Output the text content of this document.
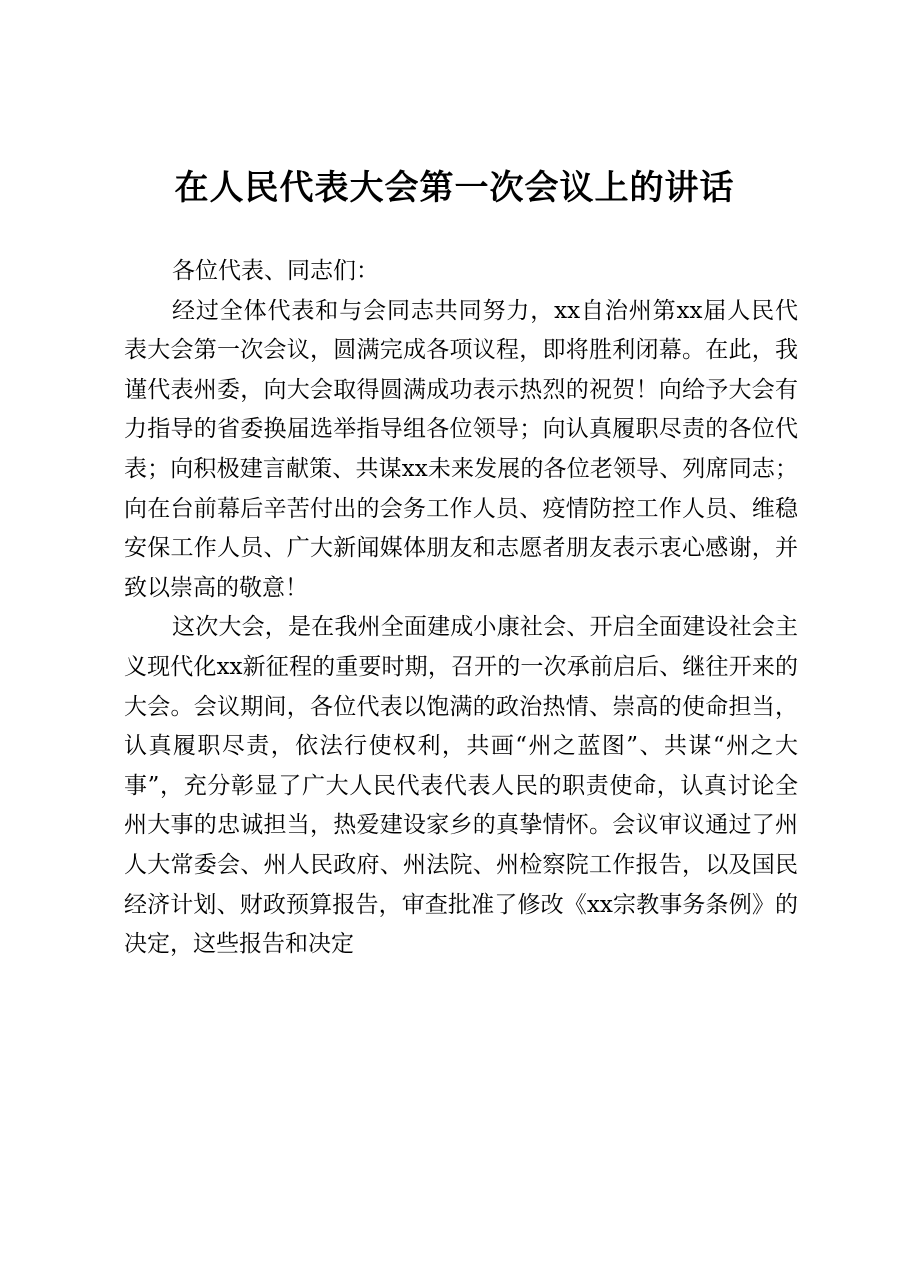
在人民代表大会第一次会议上的讲话

各位代表、同志们：

经过全体代表和与会同志共同努力，xx自治州第xx届人民代表大会第一次会议，圆满完成各项议程，即将胜利闭幕。在此，我谨代表州委，向大会取得圆满成功表示热烈的祝贺！向给予大会有力指导的省委换届选举指导组各位领导；向认真履职尽责的各位代表；向积极建言献策、共谋xx未来发展的各位老领导、列席同志；向在台前幕后辛苦付出的会务工作人员、疫情防控工作人员、维稳安保工作人员、广大新闻媒体朋友和志愿者朋友表示衷心感谢，并致以崇高的敬意！

这次大会，是在我州全面建成小康社会、开启全面建设社会主义现代化xx新征程的重要时期，召开的一次承前启后、继往开来的大会。会议期间，各位代表以饱满的政治热情、崇高的使命担当，认真履职尽责，依法行使权利，共画“州之蓝图”、共谋“州之大事”，充分彰显了广大人民代表代表人民的职责使命，认真讨论全州大事的忠诚担当，热爱建设家乡的真挚情怀。会议审议通过了州人大常委会、州人民政府、州法院、州检察院工作报告，以及国民经济计划、财政预算报告，审查批准了修改《xx宗教事务条例》的决定，这些报告和决定
